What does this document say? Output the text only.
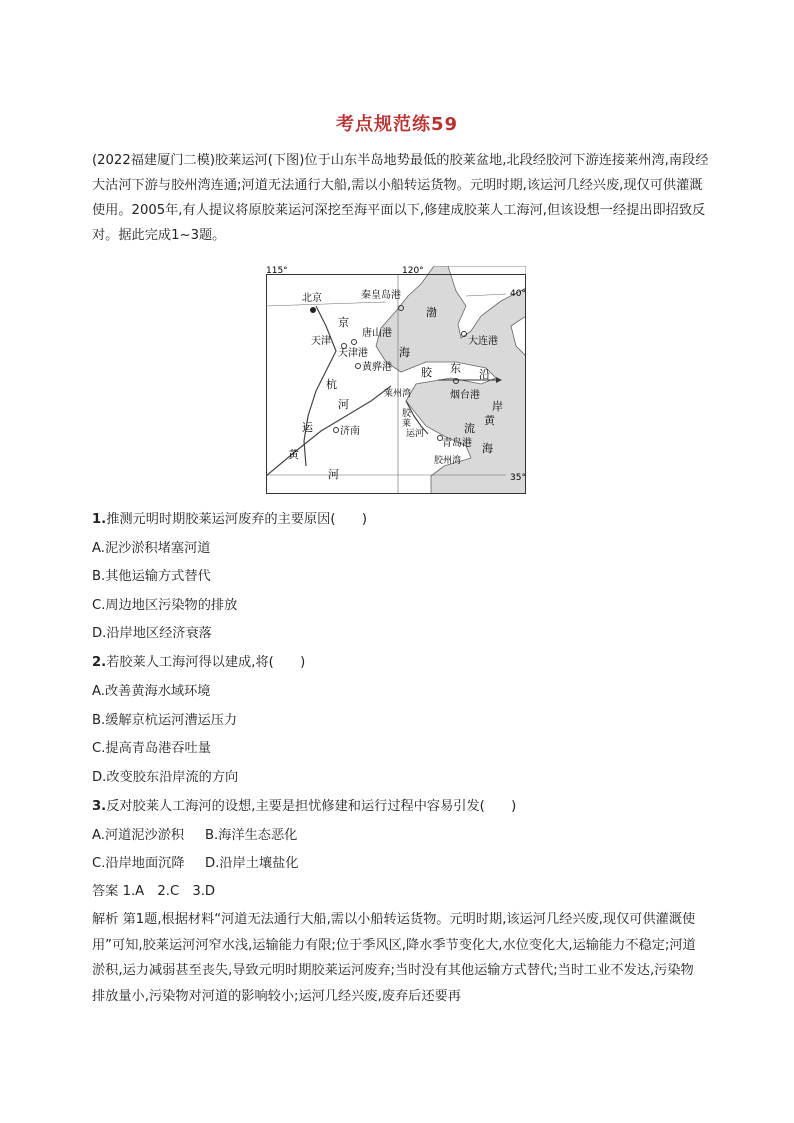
考点规范练59

(2022福建厦门二模)胶莱运河(下图)位于山东半岛地势最低的胶莱盆地,北段经胶河下游连接莱州湾,南段经大沽河下游与胶州湾连通;河道无法通行大船,需以小船转运货物。元明时期,该运河几经兴废,现仅可供灌溉使用。2005年,有人提议将原胶莱运河深挖至海平面以下,修建成胶莱人工海河,但该设想一经提出即招致反对。据此完成1~3题。

115°	120°
40°
35°
北京	秦皇岛港
京
唐山港
天津
天津港
渤
海
大连港
黄骅港
杭
胶 东 沿
莱州湾	烟台港
河	岸
胶
莱
运河	流
运	济南
青岛港
黄
黄	胶州湾
海
河

1.推测元明时期胶莱运河废弃的主要原因(　　)

A.泥沙淤积堵塞河道

B.其他运输方式替代

C.周边地区污染物的排放

D.沿岸地区经济衰落

2.若胶莱人工海河得以建成,将(　　)

A.改善黄海水域环境

B.缓解京杭运河漕运压力

C.提高青岛港吞吐量

D.改变胶东沿岸流的方向

3.反对胶莱人工海河的设想,主要是担忧修建和运行过程中容易引发(　　)

A.河道泥沙淤积 B.海洋生态恶化

C.沿岸地面沉降 D.沿岸土壤盐化

答案 1.A　2.C　3.D

解析 第1题,根据材料“河道无法通行大船,需以小船转运货物。元明时期,该运河几经兴废,现仅可供灌溉使用”可知,胶莱运河河窄水浅,运输能力有限;位于季风区,降水季节变化大,水位变化大,运输能力不稳定;河道淤积,运力减弱甚至丧失,导致元明时期胶莱运河废弃;当时没有其他运输方式替代;当时工业不发达,污染物排放量小,污染物对河道的影响较小;运河几经兴废,废弃后还要再
